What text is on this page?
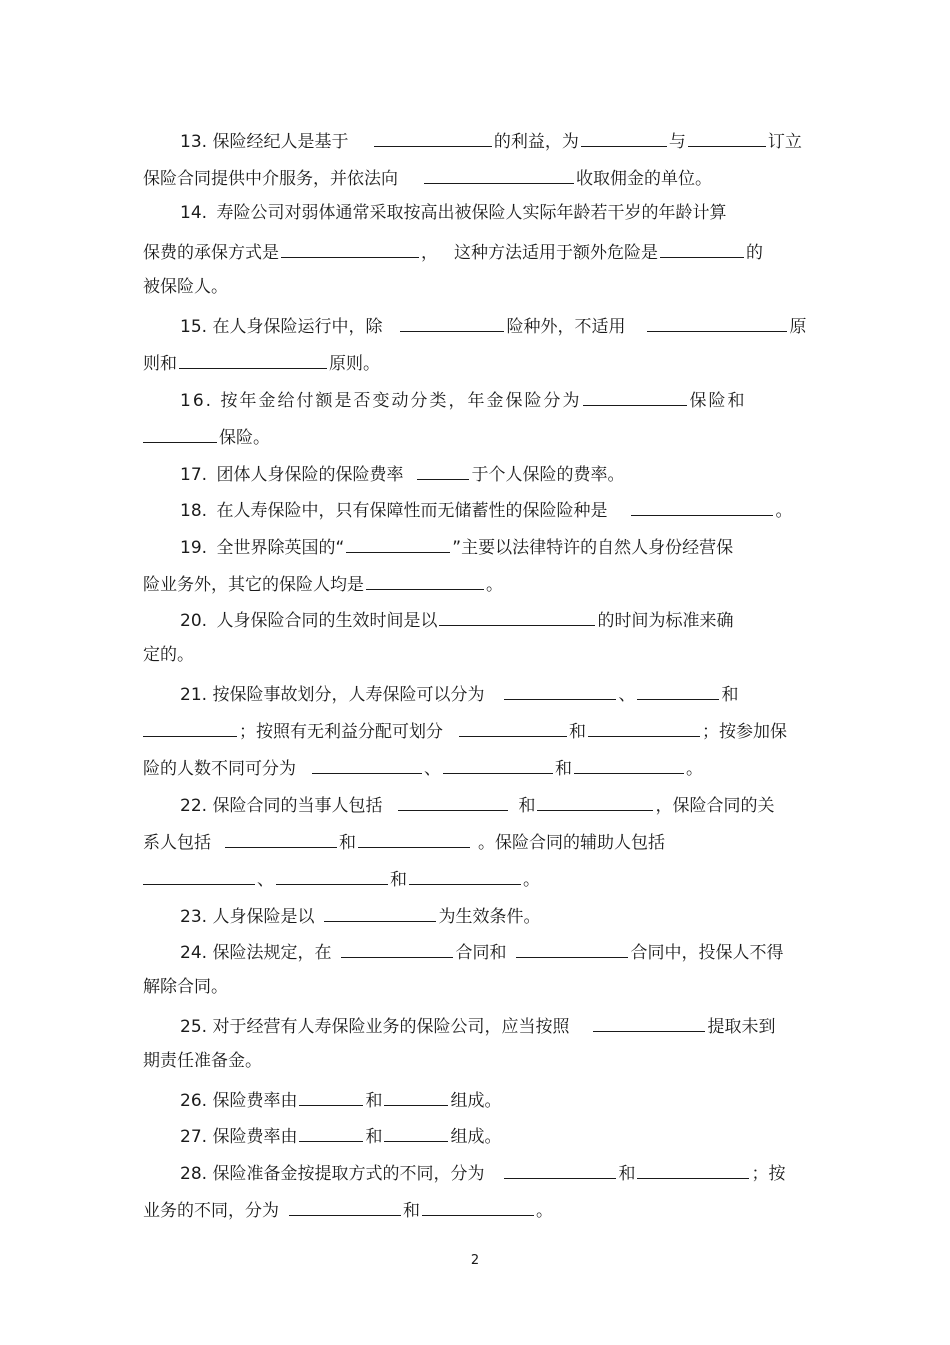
13. 保险经纪人是基于	的利益，为	与	订立
保险合同提供中介服务，并依法向	收取佣金的单位。
14. 寿险公司对弱体通常采取按高出被保险人实际年龄若干岁的年龄计算
保费的承保方式是	， 这种方法适用于额外危险是	的
被保险人。
15. 在人身保险运行中，除	险种外，不适用	原
则和	原则。
16. 按年金给付额是否变动分类，年金保险分为	保险和
保险。
17. 团体人身保险的保险费率	于个人保险的费率。
18. 在人寿保险中，只有保障性而无储蓄性的保险险种是	。
19. 全世界除英国的“	”主要以法律特许的自然人身份经营保
险业务外，其它的保险人均是	。
20. 人身保险合同的生效时间是以	的时间为标准来确
定的。
21. 按保险事故划分，人寿保险可以分为	、	和
；按照有无利益分配可划分	和	；按参加保
险的人数不同可分为	、	和	。
22. 保险合同的当事人包括	和	，保险合同的关
系人包括	和	。保险合同的辅助人包括
、	和	。
23. 人身保险是以	为生效条件。
24. 保险法规定，在	合同和	合同中，投保人不得
解除合同。
25. 对于经营有人寿保险业务的保险公司，应当按照	提取未到
期责任准备金。
26. 保险费率由	和	组成。
27. 保险费率由	和	组成。
28. 保险准备金按提取方式的不同，分为	和	；按
业务的不同，分为	和	。
2
